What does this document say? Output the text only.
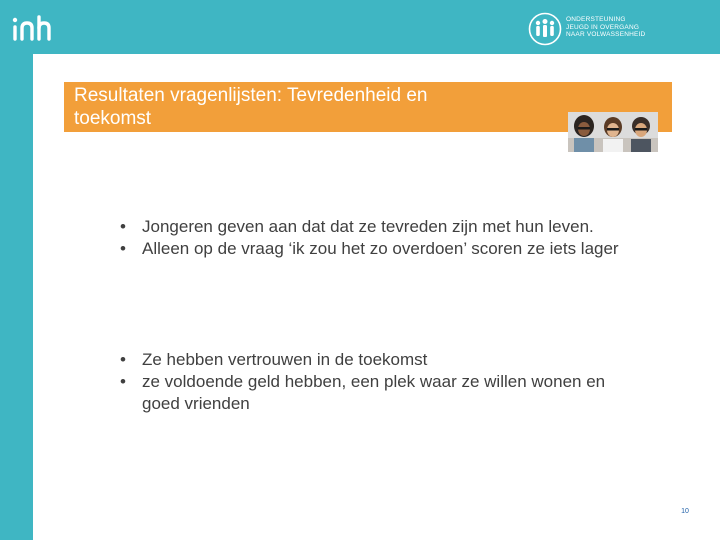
ONDERSTEUNING
JEUGD IN OVERGANG
NAAR VOLWASSENHEID
Resultaten vragenlijsten: Tevredenheid en
toekomst
• Jongeren geven aan dat dat ze tevreden zijn met hun leven.
• Alleen op de vraag ‘ik zou het zo overdoen’ scoren ze iets lager
• Ze hebben vertrouwen in de toekomst
• ze voldoende geld hebben, een plek waar ze willen wonen en goed vrienden
10
